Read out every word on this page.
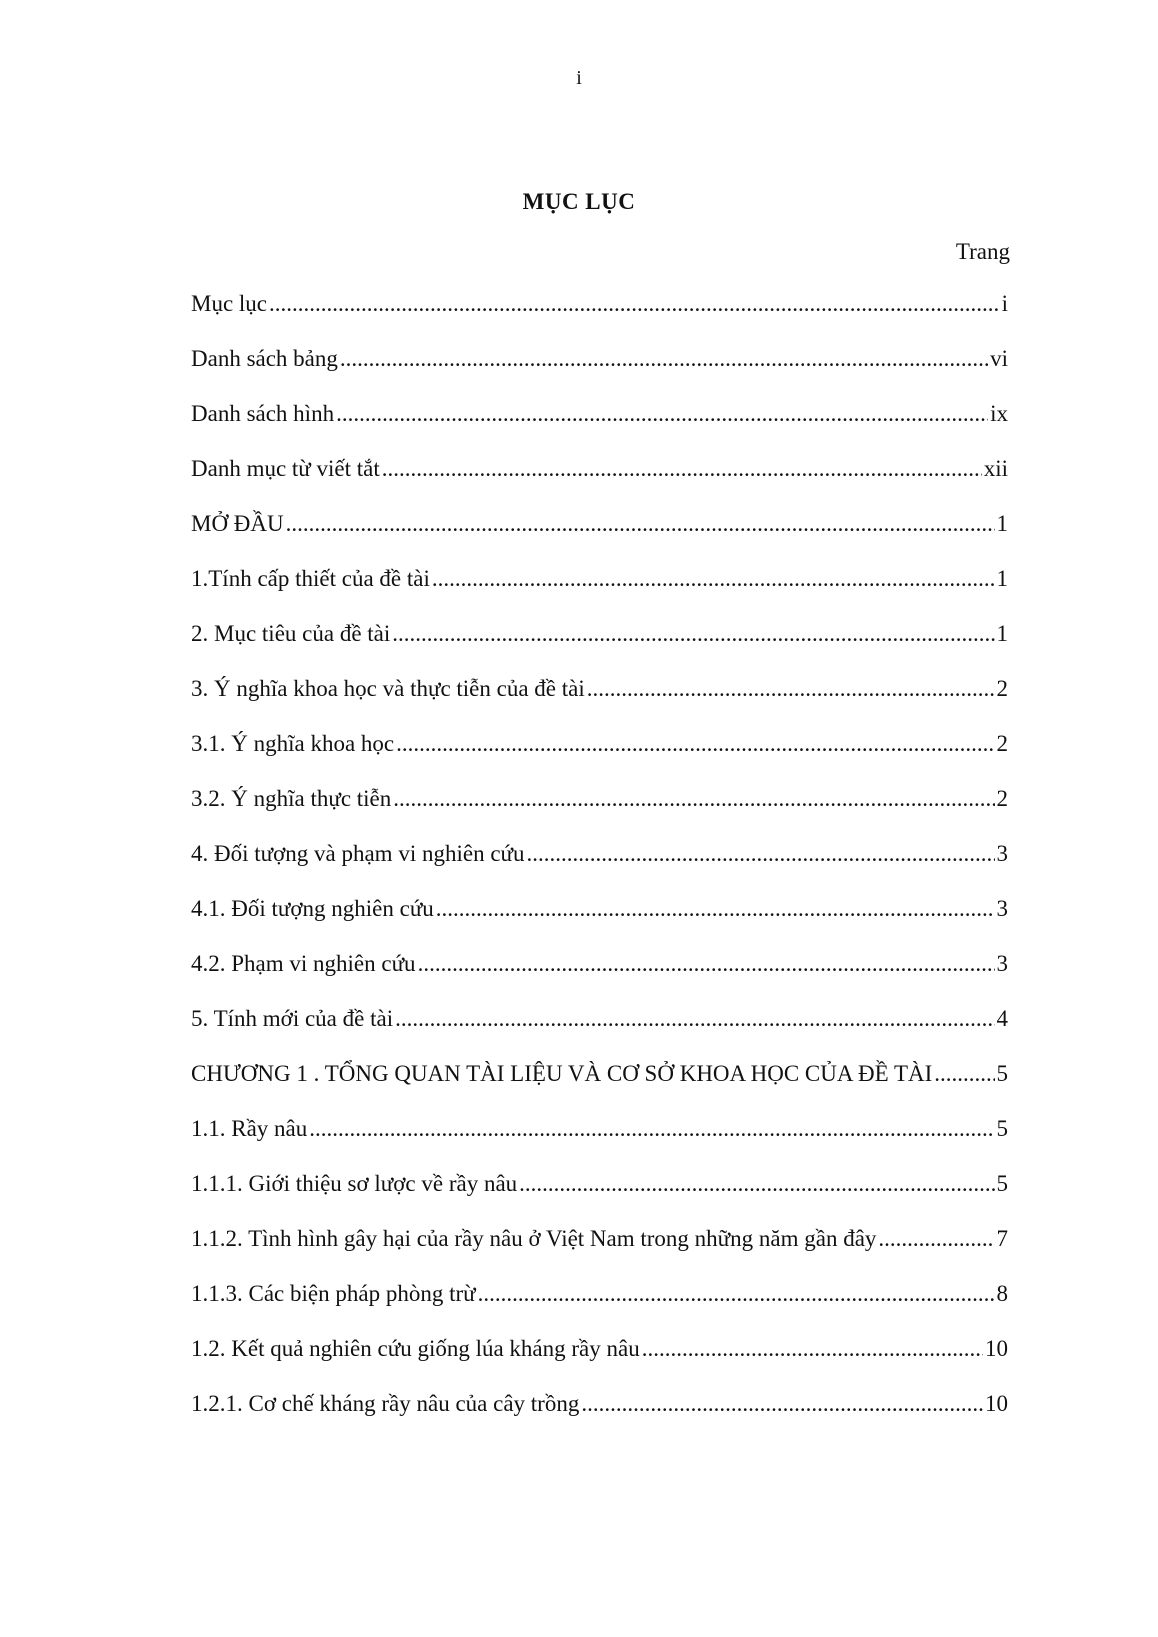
i
MỤC LỤC
Trang
Mục lục .....	i
Danh sách bảng .....	vi
Danh sách hình .....	ix
Danh mục từ viết tắt .....	xii
MỞ ĐẦU .....	1
1.Tính cấp thiết của đề tài .....	1
2. Mục tiêu của đề tài .....	1
3. Ý nghĩa khoa học và thực tiễn của đề tài .....	2
3.1. Ý nghĩa khoa học .....	2
3.2. Ý nghĩa thực tiễn .....	2
4. Đối tượng và phạm vi nghiên cứu .....	3
4.1. Đối tượng nghiên cứu .....	3
4.2. Phạm vi nghiên cứu .....	3
5. Tính mới của đề tài .....	4
CHƯƠNG 1 . TỔNG QUAN TÀI LIỆU VÀ CƠ SỞ KHOA HỌC CỦA ĐỀ TÀI .....	5
1.1. Rầy nâu .....	5
1.1.1. Giới thiệu sơ lược về rầy nâu .....	5
1.1.2. Tình hình gây hại của rầy nâu ở Việt Nam trong những năm gần đây .....	7
1.1.3. Các biện pháp phòng trừ .....	8
1.2. Kết quả nghiên cứu giống lúa kháng rầy nâu .....	10
1.2.1. Cơ chế kháng rầy nâu của cây trồng .....	10
